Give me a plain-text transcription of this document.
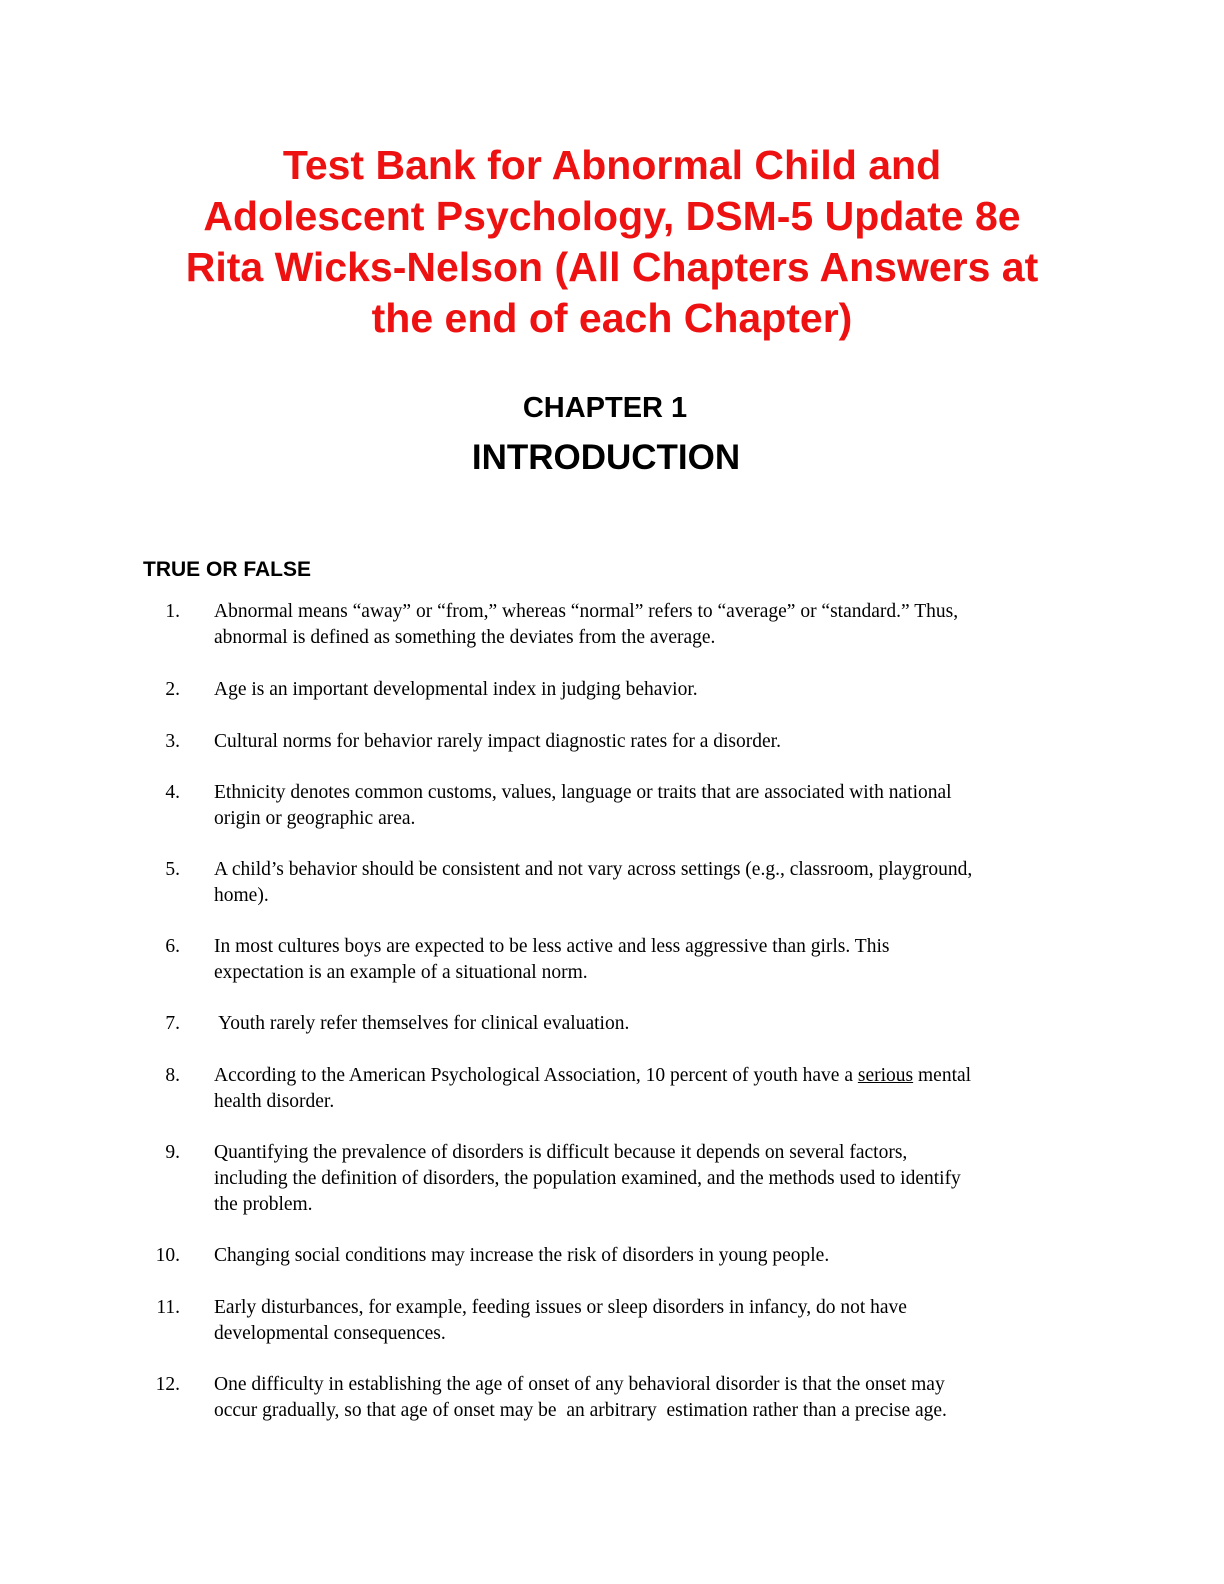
Test Bank for Abnormal Child and
Adolescent Psychology, DSM-5 Update 8e
Rita Wicks-Nelson (All Chapters Answers at
the end of each Chapter)
CHAPTER 1
INTRODUCTION
TRUE OR FALSE
1. Abnormal means “away” or “from,” whereas “normal” refers to “average” or “standard.” Thus,
abnormal is defined as something the deviates from the average.
2. Age is an important developmental index in judging behavior.
3. Cultural norms for behavior rarely impact diagnostic rates for a disorder.
4. Ethnicity denotes common customs, values, language or traits that are associated with national
origin or geographic area.
5. A child’s behavior should be consistent and not vary across settings (e.g., classroom, playground,
home).
6. In most cultures boys are expected to be less active and less aggressive than girls. This
expectation is an example of a situational norm.
7. Youth rarely refer themselves for clinical evaluation.
8. According to the American Psychological Association, 10 percent of youth have a serious mental
health disorder.
9. Quantifying the prevalence of disorders is difficult because it depends on several factors,
including the definition of disorders, the population examined, and the methods used to identify
the problem.
10. Changing social conditions may increase the risk of disorders in young people.
11. Early disturbances, for example, feeding issues or sleep disorders in infancy, do not have
developmental consequences.
12. One difficulty in establishing the age of onset of any behavioral disorder is that the onset may
occur gradually, so that age of onset may be  an arbitrary  estimation rather than a precise age.
